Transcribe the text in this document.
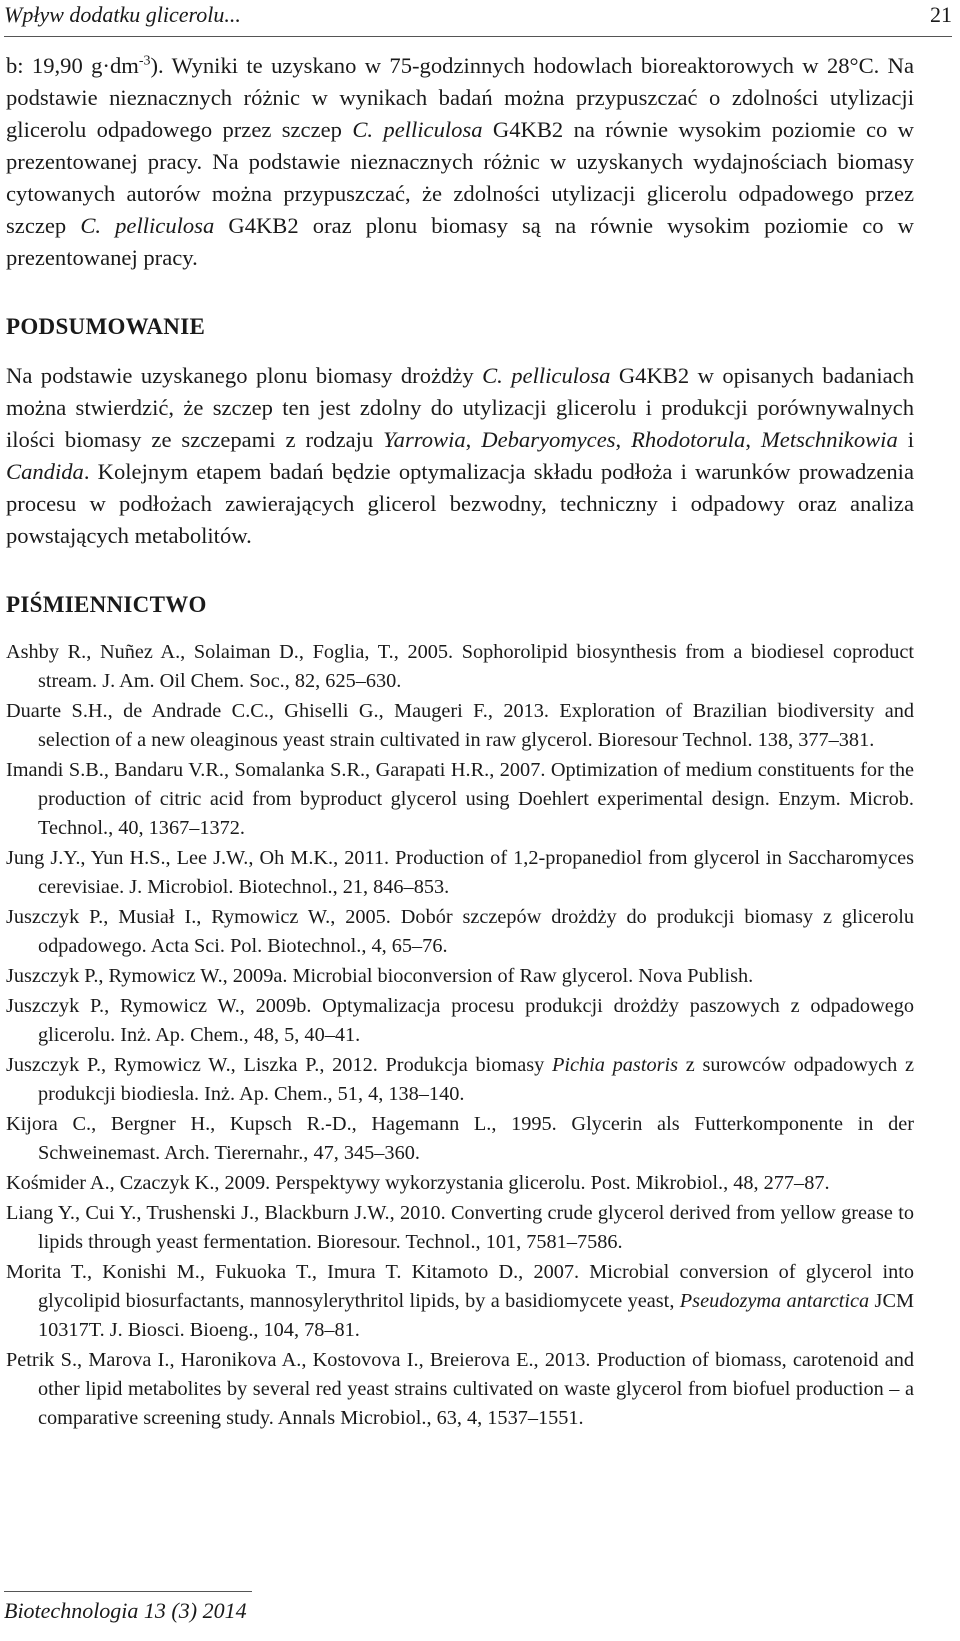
Wpływ dodatku glicerolu...	21

b: 19,90 $g\cdot dm^{-3}$). Wyniki te uzyskano w 75-godzinnych hodowlach bioreaktorowych w 28°C. Na podstawie nieznacznych różnic w wynikach badań można przypuszczać o zdolności utylizacji glicerolu odpadowego przez szczep C. pelliculosa G4KB2 na równie wysokim poziomie co w prezentowanej pracy. Na podstawie nieznacznych różnic w uzyskanych wydajnościach biomasy cytowanych autorów można przypuszczać, że zdolności utylizacji glicerolu odpadowego przez szczep C. pelliculosa G4KB2 oraz plonu biomasy są na równie wysokim poziomie co w prezentowanej pracy.

PODSUMOWANIE

Na podstawie uzyskanego plonu biomasy drożdży C. pelliculosa G4KB2 w opisanych badaniach można stwierdzić, że szczep ten jest zdolny do utylizacji glicerolu i produkcji porównywalnych ilości biomasy ze szczepami z rodzaju Yarrowia, Debaryomyces, Rhodotorula, Metschnikowia i Candida. Kolejnym etapem badań będzie optymalizacja składu podłoża i warunków prowadzenia procesu w podłożach zawierających glicerol bezwodny, techniczny i odpadowy oraz analiza powstających metabolitów.

PIŚMIENNICTWO
Ashby R., Nuñez A., Solaiman D., Foglia, T., 2005. Sophorolipid biosynthesis from a biodiesel coproduct stream. J. Am. Oil Chem. Soc., 82, 625–630.
Duarte S.H., de Andrade C.C., Ghiselli G., Maugeri F., 2013. Exploration of Brazilian biodiversity and selection of a new oleaginous yeast strain cultivated in raw glycerol. Bioresour Technol. 138, 377–381.
Imandi S.B., Bandaru V.R., Somalanka S.R., Garapati H.R., 2007. Optimization of medium constituents for the production of citric acid from byproduct glycerol using Doehlert experimental design. Enzym. Microb. Technol., 40, 1367–1372.
Jung J.Y., Yun H.S., Lee J.W., Oh M.K., 2011. Production of 1,2-propanediol from glycerol in Saccharomyces cerevisiae. J. Microbiol. Biotechnol., 21, 846–853.
Juszczyk P., Musiał I., Rymowicz W., 2005. Dobór szczepów drożdży do produkcji biomasy z glicerolu odpadowego. Acta Sci. Pol. Biotechnol., 4, 65–76.
Juszczyk P., Rymowicz W., 2009a. Microbial bioconversion of Raw glycerol. Nova Publish.
Juszczyk P., Rymowicz W., 2009b. Optymalizacja procesu produkcji drożdży paszowych z odpadowego glicerolu. Inż. Ap. Chem., 48, 5, 40–41.
Juszczyk P., Rymowicz W., Liszka P., 2012. Produkcja biomasy Pichia pastoris z surowców odpadowych z produkcji biodiesla. Inż. Ap. Chem., 51, 4, 138–140.
Kijora C., Bergner H., Kupsch R.-D., Hagemann L., 1995. Glycerin als Futterkomponente in der Schweinemast. Arch. Tierernahr., 47, 345–360.
Kośmider A., Czaczyk K., 2009. Perspektywy wykorzystania glicerolu. Post. Mikrobiol., 48, 277–87.
Liang Y., Cui Y., Trushenski J., Blackburn J.W., 2010. Converting crude glycerol derived from yellow grease to lipids through yeast fermentation. Bioresour. Technol., 101, 7581–7586.
Morita T., Konishi M., Fukuoka T., Imura T. Kitamoto D., 2007. Microbial conversion of glycerol into glycolipid biosurfactants, mannosylerythritol lipids, by a basidiomycete yeast, Pseudozyma antarctica JCM 10317T. J. Biosci. Bioeng., 104, 78–81.
Petrik S., Marova I., Haronikova A., Kostovova I., Breierova E., 2013. Production of biomass, carotenoid and other lipid metabolites by several red yeast strains cultivated on waste glycerol from biofuel production – a comparative screening study. Annals Microbiol., 63, 4, 1537–1551.
Biotechnologia 13 (3) 2014
